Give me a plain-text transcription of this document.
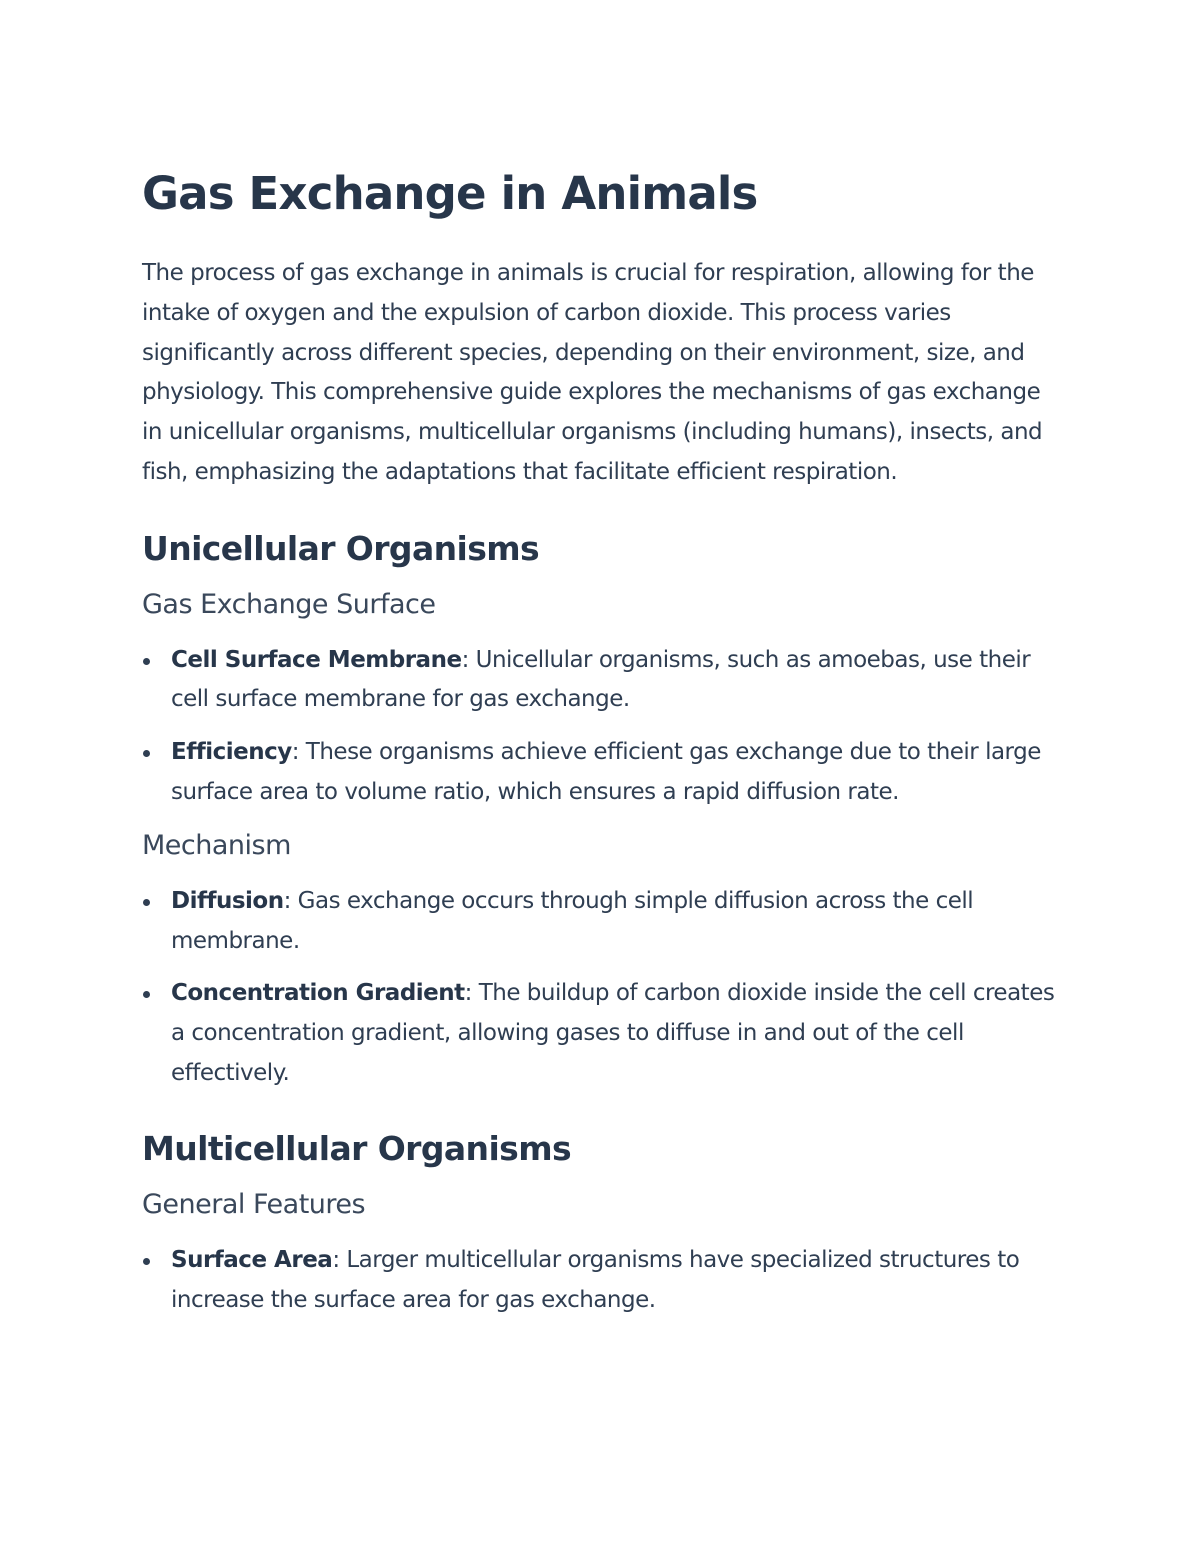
Gas Exchange in Animals

The process of gas exchange in animals is crucial for respiration, allowing for the intake of oxygen and the expulsion of carbon dioxide. This process varies significantly across different species, depending on their environment, size, and physiology. This comprehensive guide explores the mechanisms of gas exchange in unicellular organisms, multicellular organisms (including humans), insects, and fish, emphasizing the adaptations that facilitate efficient respiration.

Unicellular Organisms
Gas Exchange Surface
Cell Surface Membrane: Unicellular organisms, such as amoebas, use their cell surface membrane for gas exchange.
Efficiency: These organisms achieve efficient gas exchange due to their large surface area to volume ratio, which ensures a rapid diffusion rate.
Mechanism
Diffusion: Gas exchange occurs through simple diffusion across the cell membrane.
Concentration Gradient: The buildup of carbon dioxide inside the cell creates a concentration gradient, allowing gases to diffuse in and out of the cell effectively.
Multicellular Organisms
General Features
Surface Area: Larger multicellular organisms have specialized structures to increase the surface area for gas exchange.
